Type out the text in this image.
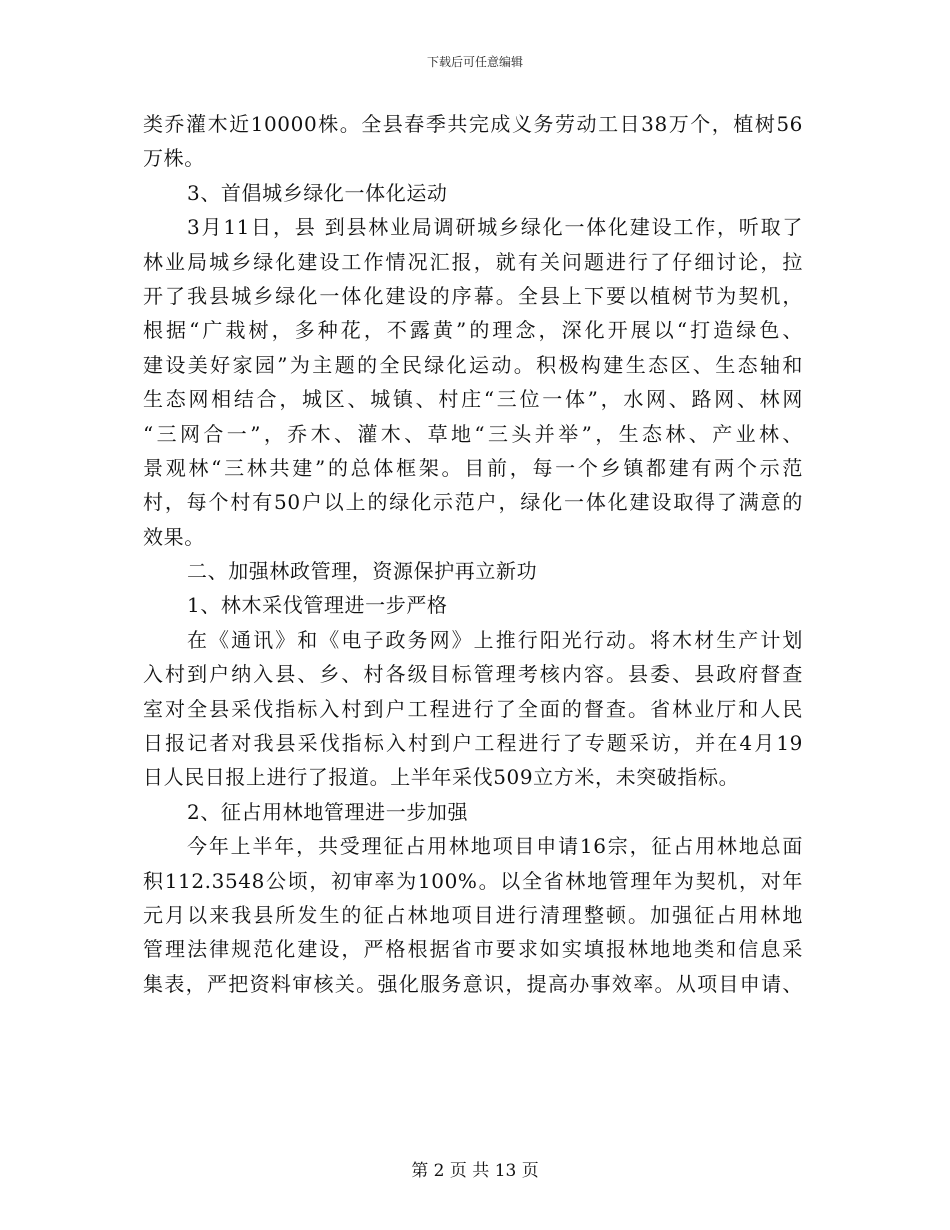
下载后可任意编辑
类乔灌木近10000株。全县春季共完成义务劳动工日38万个，植树56
万株。
3、首倡城乡绿化一体化运动
3月11日，县 到县林业局调研城乡绿化一体化建设工作，听取了
林业局城乡绿化建设工作情况汇报，就有关问题进行了仔细讨论，拉
开了我县城乡绿化一体化建设的序幕。全县上下要以植树节为契机，
根据“广栽树，多种花，不露黄”的理念，深化开展以“打造绿色、
建设美好家园”为主题的全民绿化运动。积极构建生态区、生态轴和
生态网相结合，城区、城镇、村庄“三位一体”，水网、路网、林网
“三网合一”，乔木、灌木、草地“三头并举”，生态林、产业林、
景观林“三林共建”的总体框架。目前，每一个乡镇都建有两个示范
村，每个村有50户以上的绿化示范户，绿化一体化建设取得了满意的
效果。
二、加强林政管理，资源保护再立新功
1、林木采伐管理进一步严格
在《通讯》和《电子政务网》上推行阳光行动。将木材生产计划
入村到户纳入县、乡、村各级目标管理考核内容。县委、县政府督查
室对全县采伐指标入村到户工程进行了全面的督查。省林业厅和人民
日报记者对我县采伐指标入村到户工程进行了专题采访，并在4月19
日人民日报上进行了报道。上半年采伐509立方米，未突破指标。
2、征占用林地管理进一步加强
今年上半年，共受理征占用林地项目申请16宗，征占用林地总面
积112.3548公顷，初审率为100%。以全省林地管理年为契机，对年
元月以来我县所发生的征占林地项目进行清理整顿。加强征占用林地
管理法律规范化建设，严格根据省市要求如实填报林地地类和信息采
集表，严把资料审核关。强化服务意识，提高办事效率。从项目申请、
第 2 页 共 13 页
